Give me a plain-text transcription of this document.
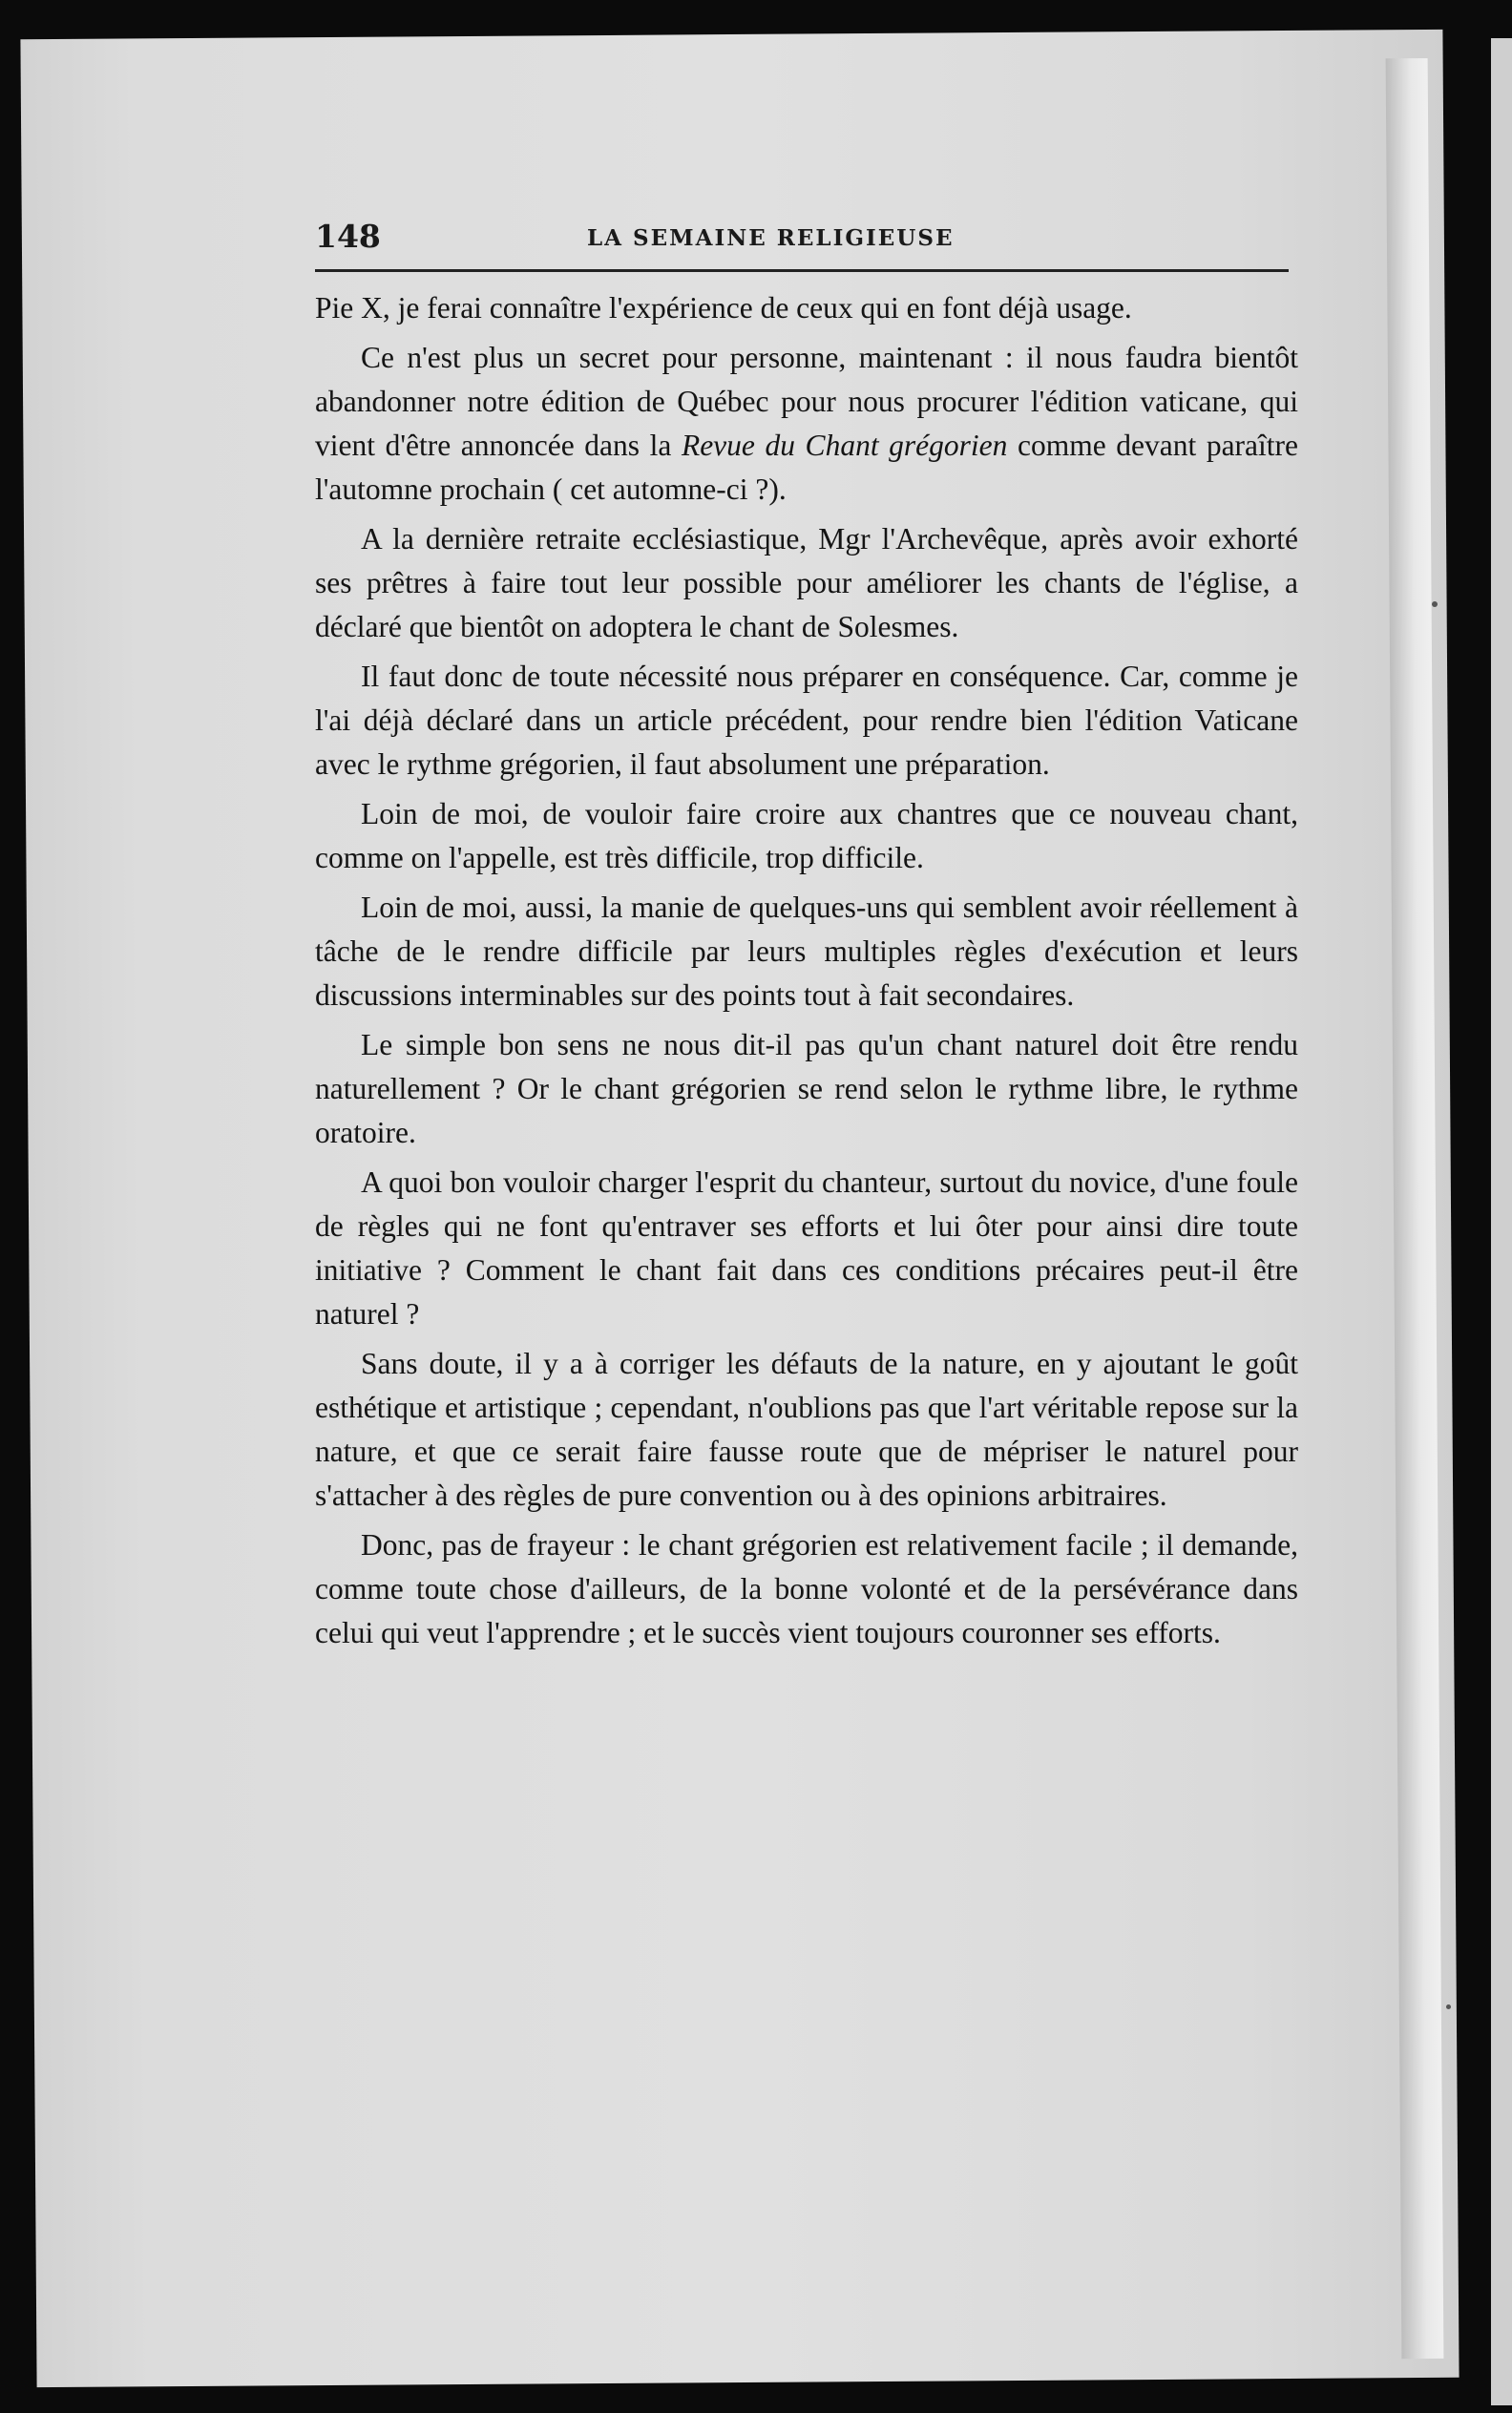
148	LA SEMAINE RELIGIEUSE

Pie X, je ferai connaître l'expérience de ceux qui en font déjà usage.

Ce n'est plus un secret pour personne, maintenant : il nous faudra bientôt abandonner notre édition de Québec pour nous procurer l'édition vaticane, qui vient d'être annoncée dans la Revue du Chant grégorien comme devant paraître l'automne prochain ( cet automne-ci ?).

A la dernière retraite ecclésiastique, Mgr l'Archevêque, après avoir exhorté ses prêtres à faire tout leur possible pour améliorer les chants de l'église, a déclaré que bientôt on adoptera le chant de Solesmes.

Il faut donc de toute nécessité nous préparer en conséquence. Car, comme je l'ai déjà déclaré dans un article précédent, pour rendre bien l'édition Vaticane avec le rythme grégorien, il faut absolument une préparation.

Loin de moi, de vouloir faire croire aux chantres que ce nouveau chant, comme on l'appelle, est très difficile, trop difficile.

Loin de moi, aussi, la manie de quelques-uns qui semblent avoir réellement à tâche de le rendre difficile par leurs multiples règles d'exécution et leurs discussions interminables sur des points tout à fait secondaires.

Le simple bon sens ne nous dit-il pas qu'un chant naturel doit être rendu naturellement ? Or le chant grégorien se rend selon le rythme libre, le rythme oratoire.

A quoi bon vouloir charger l'esprit du chanteur, surtout du novice, d'une foule de règles qui ne font qu'entraver ses efforts et lui ôter pour ainsi dire toute initiative ? Comment le chant fait dans ces conditions précaires peut-il être naturel ?

Sans doute, il y a à corriger les défauts de la nature, en y ajoutant le goût esthétique et artistique ; cependant, n'oublions pas que l'art véritable repose sur la nature, et que ce serait faire fausse route que de mépriser le naturel pour s'attacher à des règles de pure convention ou à des opinions arbitraires.

Donc, pas de frayeur : le chant grégorien est relativement facile ; il demande, comme toute chose d'ailleurs, de la bonne volonté et de la persévérance dans celui qui veut l'apprendre ; et le succès vient toujours couronner ses efforts.
